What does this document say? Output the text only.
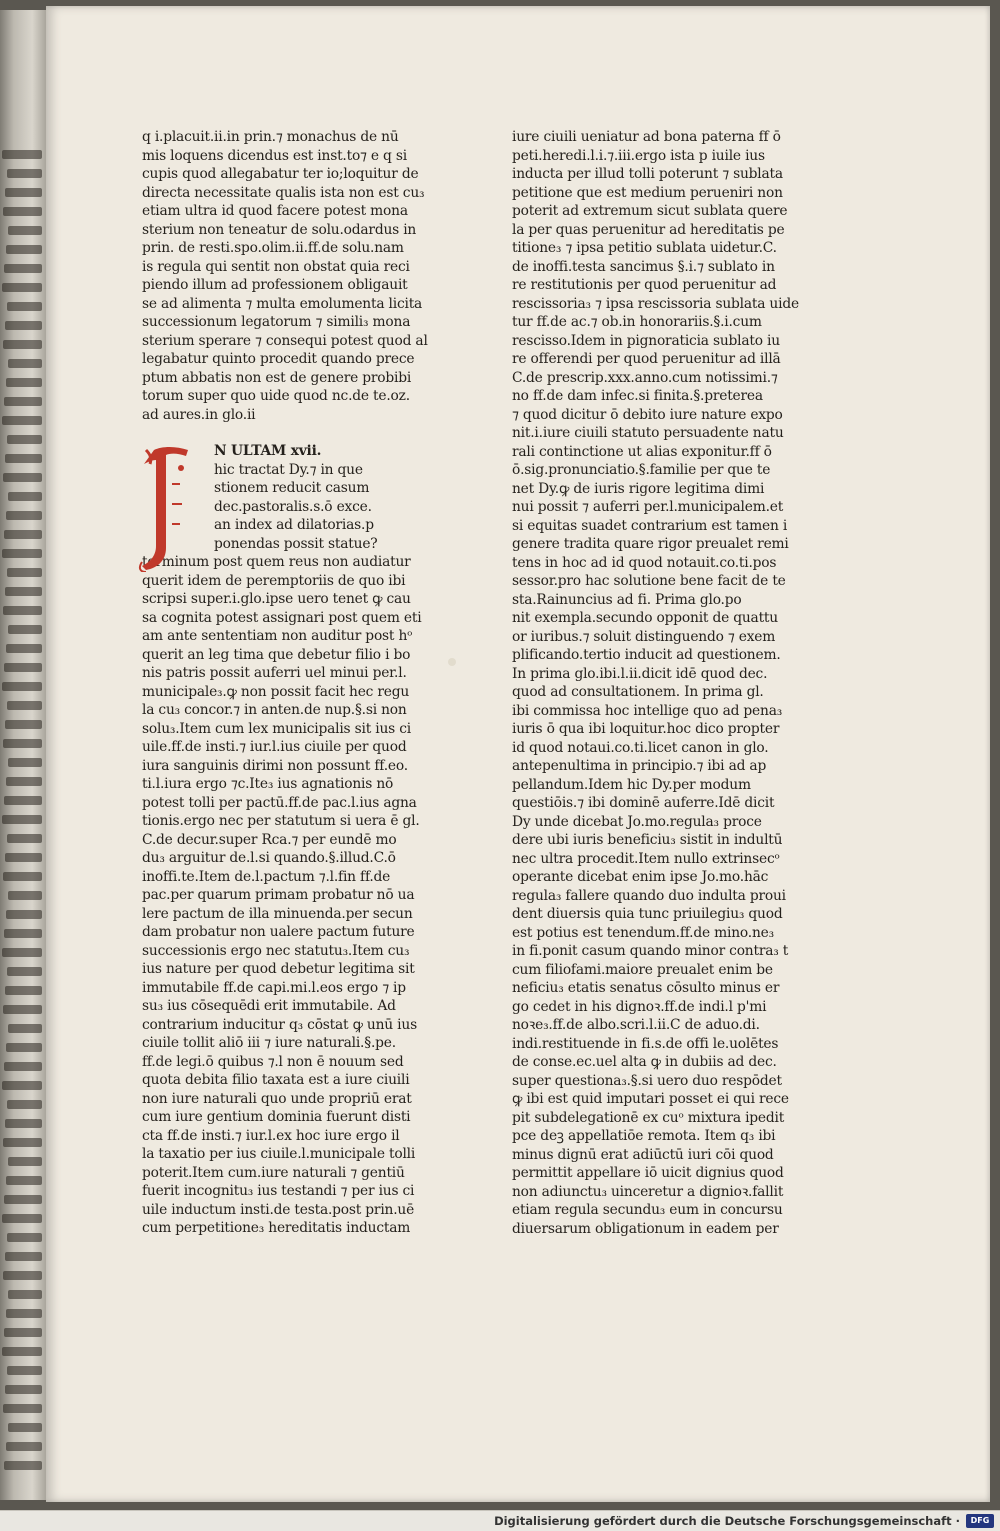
q i.placuit.ii.in prin.⁊ monachus de nū
mis loquens dicendus est inst.to⁊ e q si
cupis quod allegabatur ter io;loquitur de
directa necessitate qualis ista non est cu₃
etiam ultra id quod facere potest mona
sterium non teneatur de solu.odardus in
prin. de resti.spo.olim.ii.ff.de solu.nam
is regula qui sentit non obstat quia reci
piendo illum ad professionem obligauit
se ad alimenta ⁊ multa emolumenta licita
successionum legatorum ⁊ simili₃ mona
sterium sperare ⁊ consequi potest quod al
legabatur quinto procedit quando prece
ptum abbatis non est de genere probibi
torum super quo uide quod nc.de te.oz.
ad aures.in glo.ii
N ULTAM xvii.
hic tractat Dy.⁊ in que
stionem reducit casum
dec.pastoralis.s.ō exce.
an index ad dilatorias.p
ponendas possit statue?
terminum post quem reus non audiatur
querit idem de peremptoriis de quo ibi
scripsi super.i.glo.ipse uero tenet ꝙ cau
sa cognita potest assignari post quem eti
am ante sententiam non auditur post hᵒ
querit an leg tima que debetur filio i bo
nis patris possit auferri uel minui per.l.
municipale₃.ꝙ non possit facit hec regu
la cu₃ concor.⁊ in anten.de nup.§.si non
solu₃.Item cum lex municipalis sit ius ci
uile.ff.de insti.⁊ iur.l.ius ciuile per quod
iura sanguinis dirimi non possunt ff.eo.
ti.l.iura ergo ⁊c.Ite₃ ius agnationis nō
potest tolli per pactū.ff.de pac.l.ius agna
tionis.ergo nec per statutum si uera ē gl.
C.de decur.super Rca.⁊ per eundē mo
du₃ arguitur de.l.si quando.§.illud.C.ō
inoffi.te.Item de.l.pactum ⁊.l.fin ff.de
pac.per quarum primam probatur nō ua
lere pactum de illa minuenda.per secun
dam probatur non ualere pactum future
successionis ergo nec statutu₃.Item cu₃
ius nature per quod debetur legitima sit
immutabile ff.de capi.mi.l.eos ergo ⁊ ip
su₃ ius cōsequēdi erit immutabile. Ad
contrarium inducitur q₃ cōstat ꝙ unū ius
ciuile tollit aliō iii ⁊ iure naturali.§.pe.
ff.de legi.ō quibus ⁊.l non ē nouum sed
quota debita filio taxata est a iure ciuili
non iure naturali quo unde propriū erat
cum iure gentium dominia fuerunt disti
cta ff.de insti.⁊ iur.l.ex hoc iure ergo il
la taxatio per ius ciuile.l.municipale tolli
poterit.Item cum.iure naturali ⁊ gentiū
fuerit incognitu₃ ius testandi ⁊ per ius ci
uile inductum insti.de testa.post prin.uē
cum perpetitione₃ hereditatis inductam
iure ciuili ueniatur ad bona paterna ff ō
peti.heredi.l.i.⁊.iii.ergo ista p iuile ius
inducta per illud tolli poterunt ⁊ sublata
petitione que est medium perueniri non
poterit ad extremum sicut sublata quere
la per quas peruenitur ad hereditatis pe
titione₃ ⁊ ipsa petitio sublata uidetur.C.
de inoffi.testa sancimus §.i.⁊ sublato in
re restitutionis per quod peruenitur ad
rescissoria₃ ⁊ ipsa rescissoria sublata uide
tur ff.de ac.⁊ ob.in honorariis.§.i.cum
rescisso.Idem in pignoraticia sublato iu
re offerendi per quod peruenitur ad illā
C.de prescrip.xxx.anno.cum notissimi.⁊
no ff.de dam infec.si finita.§.preterea
⁊ quod dicitur ō debito iure nature expo
nit.i.iure ciuili statuto persuadente natu
rali continctione ut alias exponitur.ff ō
ō.sig.pronunciatio.§.familie per que te
net Dy.ꝙ de iuris rigore legitima dimi
nui possit ⁊ auferri per.l.municipalem.et
si equitas suadet contrarium est tamen i
genere tradita quare rigor preualet remi
tens in hoc ad id quod notauit.co.ti.pos
sessor.pro hac solutione bene facit de te
sta.Rainuncius ad fi. Prima glo.po
nit exempla.secundo opponit de quattu
or iuribus.⁊ soluit distinguendo ⁊ exem
plificando.tertio inducit ad questionem.
In prima glo.ibi.l.ii.dicit idē quod dec.
quod ad consultationem. In prima gl.
ibi commissa hoc intellige quo ad pena₃
iuris ō qua ibi loquitur.hoc dico propter
id quod notaui.co.ti.licet canon in glo.
antepenultima in principio.⁊ ibi ad ap
pellandum.Idem hic Dy.per modum
questiōis.⁊ ibi dominē auferre.Idē dicit
Dy unde dicebat Jo.mo.regula₃ proce
dere ubi iuris beneficiu₃ sistit in indultū
nec ultra procedit.Item nullo extrinsecᵒ
operante dicebat enim ipse Jo.mo.hāc
regula₃ fallere quando duo indulta proui
dent diuersis quia tunc priuilegiu₃ quod
est potius est tenendum.ff.de mino.ne₃
in fi.ponit casum quando minor contra₃ t
cum filiofami.maiore preualet enim be
neficiu₃ etatis senatus cōsulto minus er
go cedet in his dignoꝛ.ff.de indi.l p'mi
noꝛe₃.ff.de albo.scri.l.ii.C de aduo.di.
indi.restituende in fi.s.de offi le.uolētes
de conse.ec.uel alta ꝙ in dubiis ad dec.
super questiona₃.§.si uero duo respōdet
ꝙ ibi est quid imputari posset ei qui rece
pit subdelegationē ex cuᵒ mixtura ipedit
pce deꝫ appellatiōe remota. Item q₃ ibi
minus dignū erat adiūctū iuri cōi quod
permittit appellare iō uicit dignius quod
non adiunctu₃ uinceretur a dignioꝛ.fallit
etiam regula secundu₃ eum in concursu
diuersarum obligationum in eadem per
Digitalisierung gefördert durch die Deutsche Forschungsgemeinschaft ·	DFG
